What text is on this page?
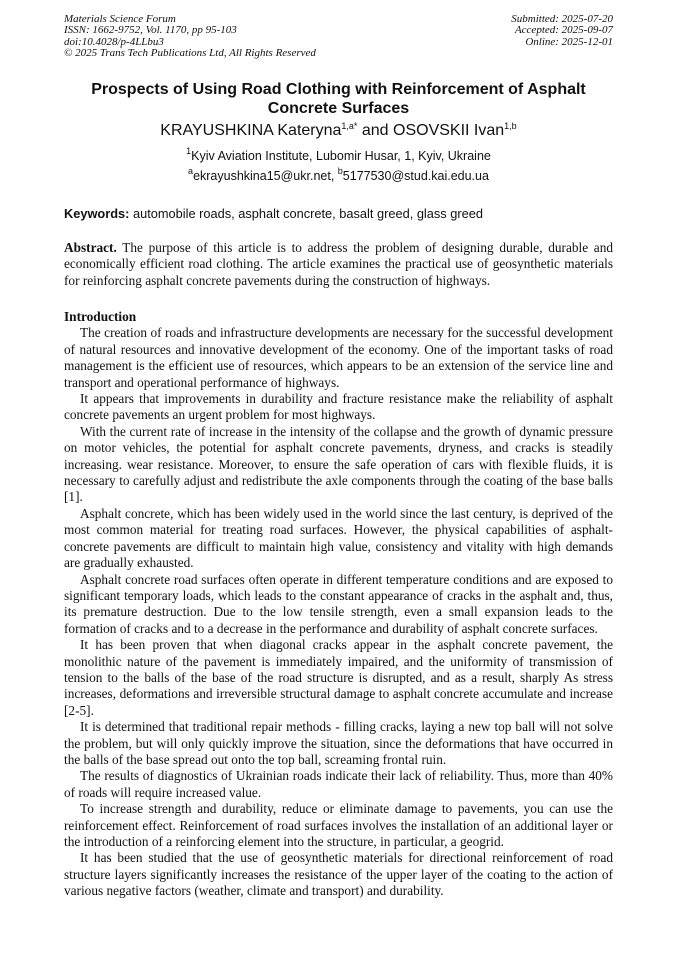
Materials Science Forum
ISSN: 1662-9752, Vol. 1170, pp 95-103
doi:10.4028/p-4LLbu3
© 2025 Trans Tech Publications Ltd, All Rights Reserved
Submitted: 2025-07-20
Accepted: 2025-09-07
Online: 2025-12-01
Prospects of Using Road Clothing with Reinforcement of Asphalt Concrete Surfaces
KRAYUSHKINA Kateryna$^{1,a*}$ and OSOVSKII Ivan$^{1,b}$
$^1$Kyiv Aviation Institute, Lubomir Husar, 1, Kyiv, Ukraine
$^a$ekrayushkina15@ukr.net, $^b$5177530@stud.kai.edu.ua
Keywords: automobile roads, asphalt concrete, basalt greed, glass greed
Abstract. The purpose of this article is to address the problem of designing durable, durable and economically efficient road clothing. The article examines the practical use of geosynthetic materials for reinforcing asphalt concrete pavements during the construction of highways.
Introduction

The creation of roads and infrastructure developments are necessary for the successful development of natural resources and innovative development of the economy. One of the important tasks of road management is the efficient use of resources, which appears to be an extension of the service line and transport and operational performance of highways.

It appears that improvements in durability and fracture resistance make the reliability of asphalt concrete pavements an urgent problem for most highways.

With the current rate of increase in the intensity of the collapse and the growth of dynamic pressure on motor vehicles, the potential for asphalt concrete pavements, dryness, and cracks is steadily increasing. wear resistance. Moreover, to ensure the safe operation of cars with flexible fluids, it is necessary to carefully adjust and redistribute the axle components through the coating of the base balls [1].

Asphalt concrete, which has been widely used in the world since the last century, is deprived of the most common material for treating road surfaces. However, the physical capabilities of asphalt-concrete pavements are difficult to maintain high value, consistency and vitality with high demands are gradually exhausted.

Asphalt concrete road surfaces often operate in different temperature conditions and are exposed to significant temporary loads, which leads to the constant appearance of cracks in the asphalt and, thus, its premature destruction. Due to the low tensile strength, even a small expansion leads to the formation of cracks and to a decrease in the performance and durability of asphalt concrete surfaces.

It has been proven that when diagonal cracks appear in the asphalt concrete pavement, the monolithic nature of the pavement is immediately impaired, and the uniformity of transmission of tension to the balls of the base of the road structure is disrupted, and as a result, sharply As stress increases, deformations and irreversible structural damage to asphalt concrete accumulate and increase [2-5].

It is determined that traditional repair methods - filling cracks, laying a new top ball will not solve the problem, but will only quickly improve the situation, since the deformations that have occurred in the balls of the base spread out onto the top ball, screaming frontal ruin.

The results of diagnostics of Ukrainian roads indicate their lack of reliability. Thus, more than 40% of roads will require increased value.

To increase strength and durability, reduce or eliminate damage to pavements, you can use the reinforcement effect. Reinforcement of road surfaces involves the installation of an additional layer or the introduction of a reinforcing element into the structure, in particular, a geogrid.

It has been studied that the use of geosynthetic materials for directional reinforcement of road structure layers significantly increases the resistance of the upper layer of the coating to the action of various negative factors (weather, climate and transport) and durability.
